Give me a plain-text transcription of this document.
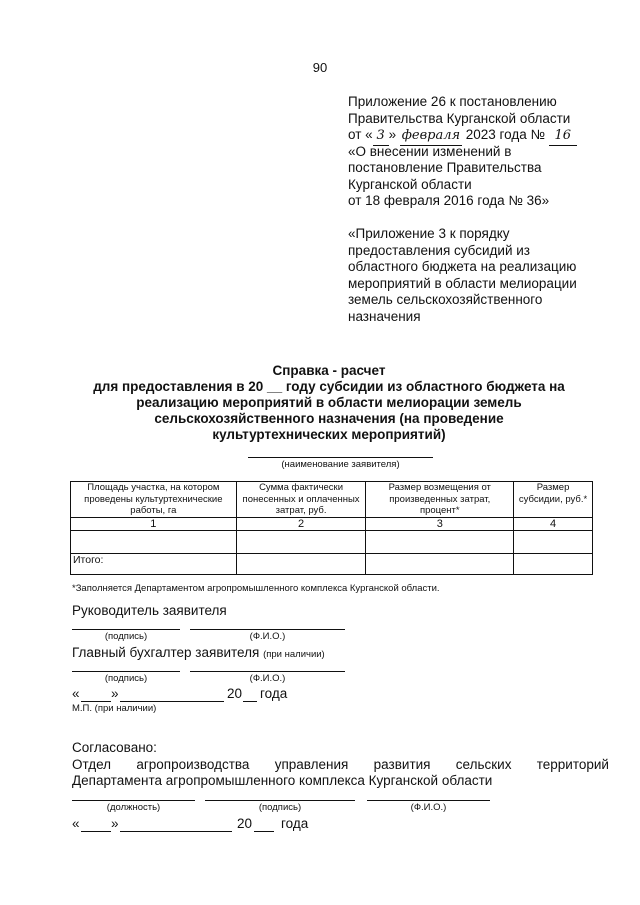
90
Приложение 26 к постановлению
Правительства Курганской области
от « 3 » февраля 2023 года № 16
«О внесении изменений в
постановление Правительства
Курганской области
от 18 февраля 2016 года № 36»
«Приложение 3 к порядку
предоставления субсидий из
областного бюджета на реализацию
мероприятий в области мелиорации
земель сельскохозяйственного
назначения
Справка - расчет
для предоставления в 20 __ году субсидии из областного бюджета на
реализацию мероприятий в области мелиорации земель
сельскохозяйственного назначения (на проведение
культуртехнических мероприятий)
(наименование заявителя)
Площадь участка, на котором проведены культуртехнические работы, га	Сумма фактически понесенных и оплаченных затрат, руб.	Размер возмещения от произведенных затрат, процент*	Размер субсидии, руб.*
1	2	3	4

Итого:			
*Заполняется Департаментом агропромышленного комплекса Курганской области.
Руководитель заявителя
(подпись)	(Ф.И.О.)
Главный бухгалтер заявителя (при наличии)
(подпись)	(Ф.И.О.)
« »	20 года
М.П. (при наличии)
Согласовано:
Отдел агропроизводства управления развития сельских территорий
Департамента агропромышленного комплекса Курганской области
(должность)	(подпись)	(Ф.И.О.)
« »	20 года
